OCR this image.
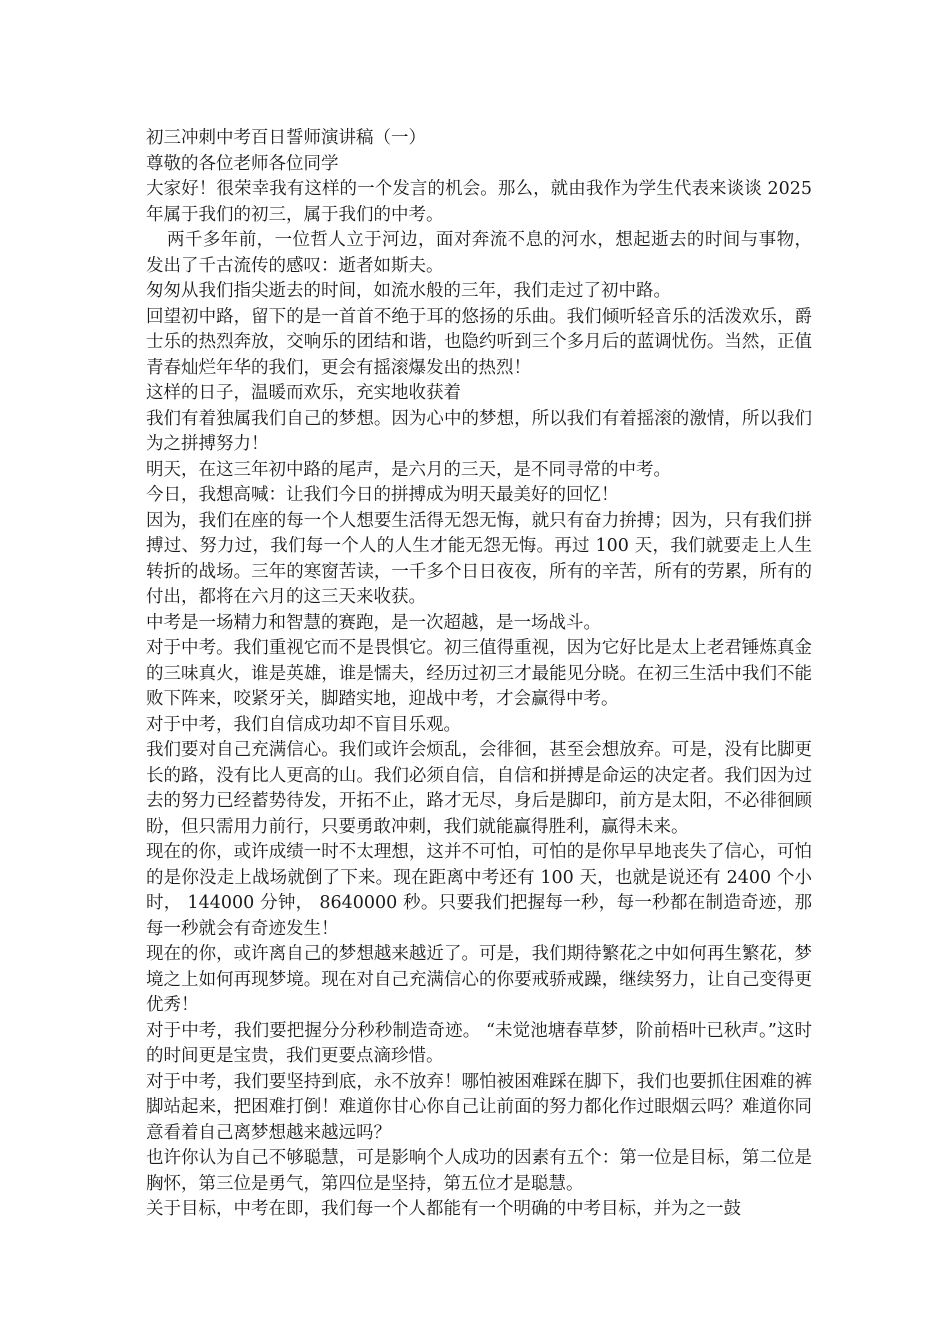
初三冲刺中考百日誓师演讲稿（一）

尊敬的各位老师各位同学

大家好！很荣幸我有这样的一个发言的机会。那么，就由我作为学生代表来谈谈 2025 年属于我们的初三，属于我们的中考。

两千多年前，一位哲人立于河边，面对奔流不息的河水，想起逝去的时间与事物，发出了千古流传的感叹：逝者如斯夫。

匆匆从我们指尖逝去的时间，如流水般的三年，我们走过了初中路。

回望初中路，留下的是一首首不绝于耳的悠扬的乐曲。我们倾听轻音乐的活泼欢乐，爵士乐的热烈奔放，交响乐的团结和谐，也隐约听到三个多月后的蓝调忧伤。当然，正值青春灿烂年华的我们，更会有摇滚爆发出的热烈！

这样的日子，温暖而欢乐，充实地收获着

我们有着独属我们自己的梦想。因为心中的梦想，所以我们有着摇滚的激情，所以我们为之拼搏努力！

明天，在这三年初中路的尾声，是六月的三天，是不同寻常的中考。

今日，我想高喊：让我们今日的拼搏成为明天最美好的回忆！

因为，我们在座的每一个人想要生活得无怨无悔，就只有奋力拚搏；因为，只有我们拼搏过、努力过，我们每一个人的人生才能无怨无悔。再过 100 天，我们就要走上人生转折的战场。三年的寒窗苦读，一千多个日日夜夜，所有的辛苦，所有的劳累，所有的付出，都将在六月的这三天来收获。

中考是一场精力和智慧的赛跑，是一次超越，是一场战斗。

对于中考。我们重视它而不是畏惧它。初三值得重视，因为它好比是太上老君锤炼真金的三味真火，谁是英雄，谁是懦夫，经历过初三才最能见分晓。在初三生活中我们不能败下阵来，咬紧牙关，脚踏实地，迎战中考，才会赢得中考。

对于中考，我们自信成功却不盲目乐观。

我们要对自己充满信心。我们或许会烦乱，会徘徊，甚至会想放弃。可是，没有比脚更长的路，没有比人更高的山。我们必须自信，自信和拼搏是命运的决定者。我们因为过去的努力已经蓄势待发，开拓不止，路才无尽，身后是脚印，前方是太阳，不必徘徊顾盼，但只需用力前行，只要勇敢冲刺，我们就能赢得胜利，赢得未来。

现在的你，或许成绩一时不太理想，这并不可怕，可怕的是你早早地丧失了信心，可怕的是你没走上战场就倒了下来。现在距离中考还有 100 天，也就是说还有 2400 个小时， 144000 分钟， 8640000 秒。只要我们把握每一秒，每一秒都在制造奇迹，那每一秒就会有奇迹发生！

现在的你，或许离自己的梦想越来越近了。可是，我们期待繁花之中如何再生繁花，梦境之上如何再现梦境。现在对自己充满信心的你要戒骄戒躁，继续努力，让自己变得更优秀！

对于中考，我们要把握分分秒秒制造奇迹。 “未觉池塘春草梦，阶前梧叶已秋声。”这时的时间更是宝贵，我们更要点滴珍惜。

对于中考，我们要坚持到底，永不放弃！哪怕被困难踩在脚下，我们也要抓住困难的裤脚站起来，把困难打倒！难道你甘心你自己让前面的努力都化作过眼烟云吗？难道你同意看着自己离梦想越来越远吗？

也许你认为自己不够聪慧，可是影响个人成功的因素有五个：第一位是目标，第二位是胸怀，第三位是勇气，第四位是坚持，第五位才是聪慧。

关于目标，中考在即，我们每一个人都能有一个明确的中考目标，并为之一鼓
